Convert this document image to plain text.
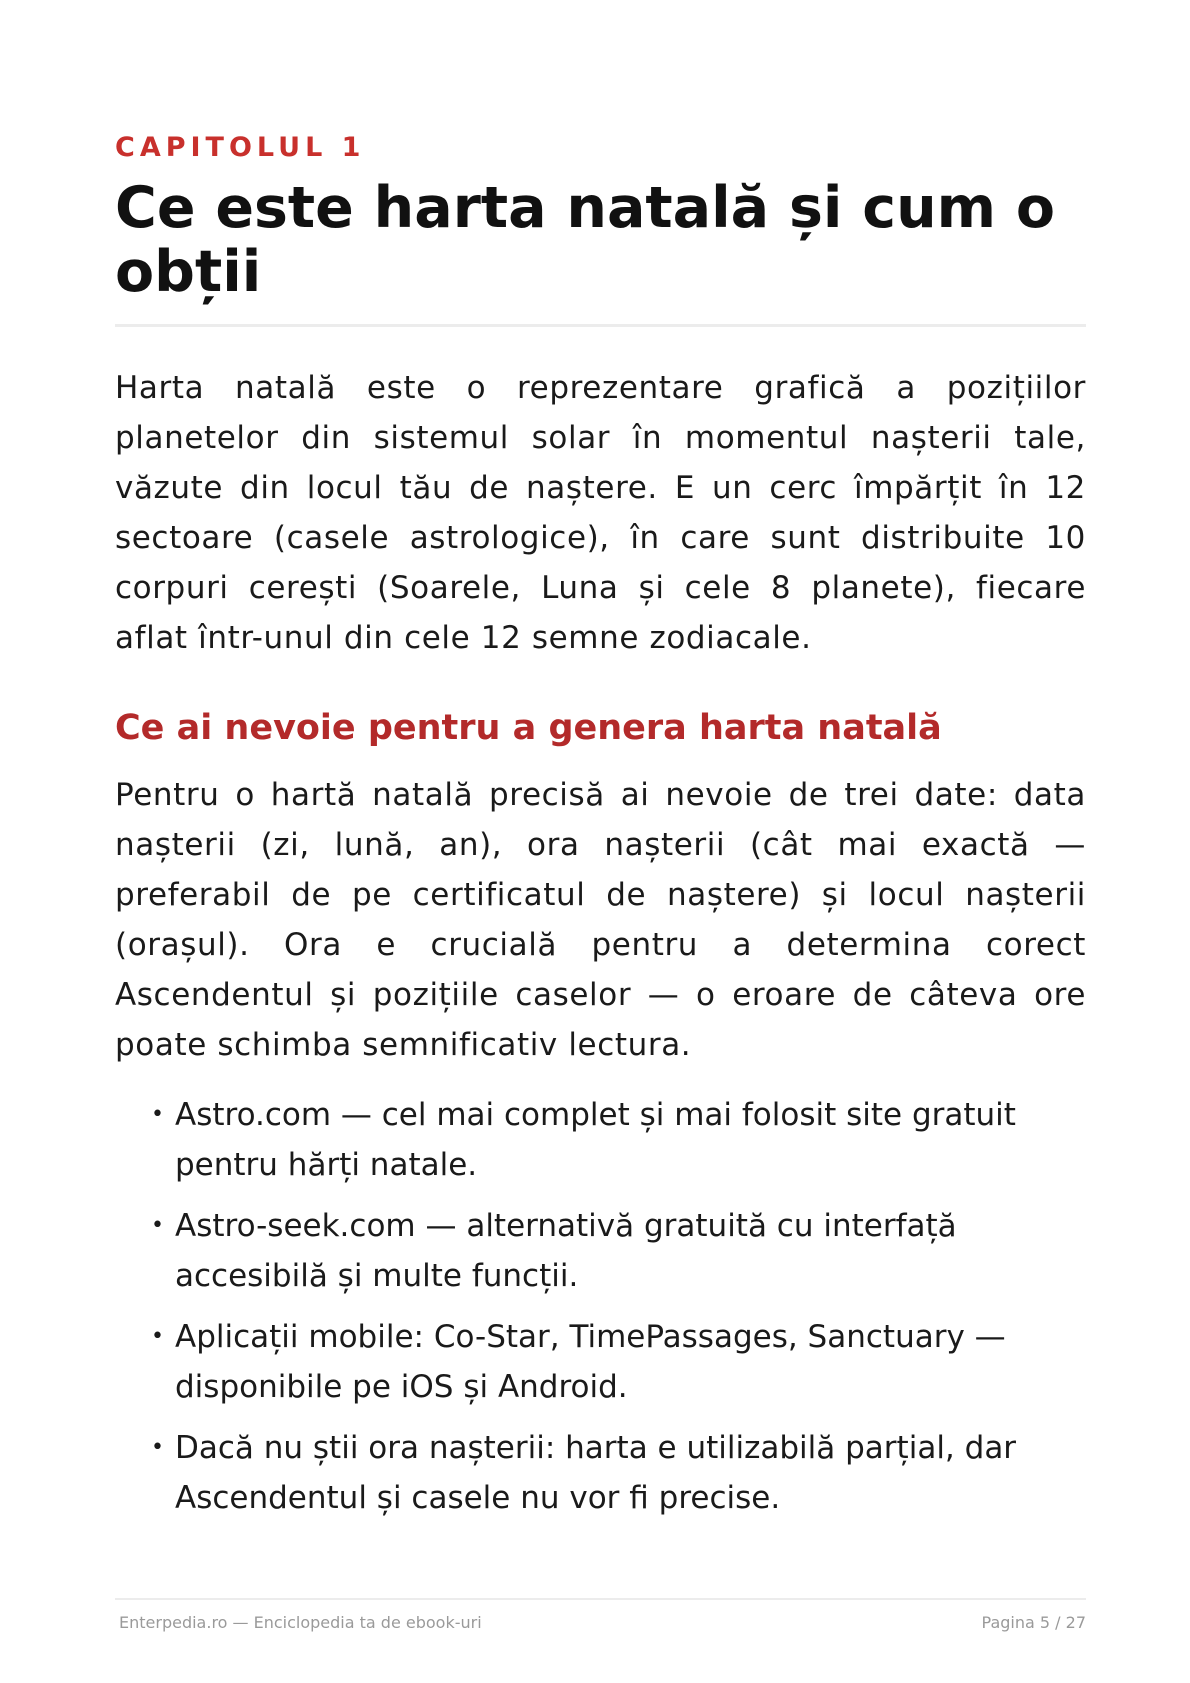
CAPITOLUL 1
Ce este harta natală și cum o obții

Harta natală este o reprezentare grafică a pozițiilor planetelor din sistemul solar în momentul nașterii tale, văzute din locul tău de naștere. E un cerc împărțit în 12 sectoare (casele astrologice), în care sunt distribuite 10 corpuri cerești (Soarele, Luna și cele 8 planete), fiecare aflat într-unul din cele 12 semne zodiacale.

Ce ai nevoie pentru a genera harta natală

Pentru o hartă natală precisă ai nevoie de trei date: data nașterii (zi, lună, an), ora nașterii (cât mai exactă — preferabil de pe certificatul de naștere) și locul nașterii (orașul). Ora e crucială pentru a determina corect Ascendentul și pozițiile caselor — o eroare de câteva ore poate schimba semnificativ lectura.

• Astro.com — cel mai complet și mai folosit site gratuit pentru hărți natale.
• Astro-seek.com — alternativă gratuită cu interfață accesibilă și multe funcții.
• Aplicații mobile: Co-Star, TimePassages, Sanctuary — disponibile pe iOS și Android.
• Dacă nu știi ora nașterii: harta e utilizabilă parțial, dar Ascendentul și casele nu vor fi precise.
Enterpedia.ro — Enciclopedia ta de ebook-uri	Pagina 5 / 27
